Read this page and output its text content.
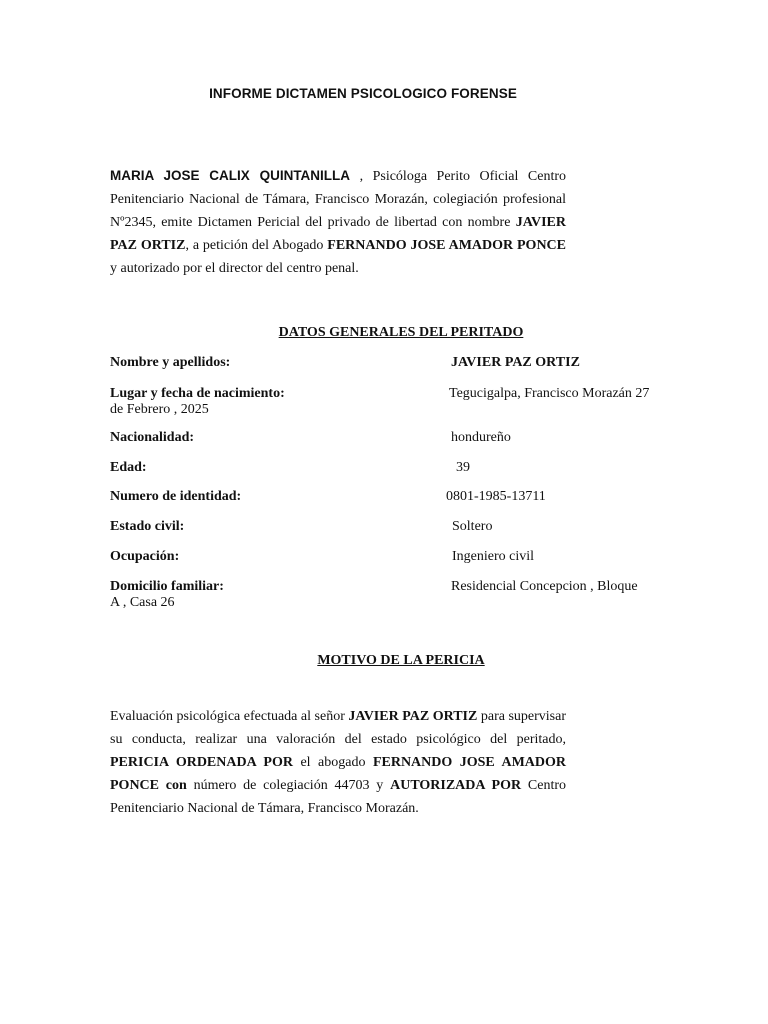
INFORME DICTAMEN PSICOLOGICO FORENSE

MARIA JOSE CALIX QUINTANILLA , Psicóloga Perito Oficial Centro Penitenciario Nacional de Támara, Francisco Morazán, colegiación profesional Nº2345, emite Dictamen Pericial del privado de libertad con nombre JAVIER PAZ ORTIZ, a petición del Abogado FERNANDO JOSE AMADOR PONCE y autorizado por el director del centro penal.

DATOS GENERALES DEL PERITADO
Nombre y apellidos:	JAVIER PAZ ORTIZ
Lugar y fecha de nacimiento:	Tegucigalpa, Francisco Morazán 27
de Febrero , 2025
Nacionalidad:	hondureño
Edad:	39
Numero de identidad:	0801-1985-13711
Estado civil:	Soltero
Ocupación:	Ingeniero civil
Domicilio familiar:	Residencial Concepcion , Bloque
A , Casa 26
MOTIVO DE LA PERICIA

Evaluación psicológica efectuada al señor JAVIER PAZ ORTIZ para supervisar su conducta, realizar una valoración del estado psicológico del peritado, PERICIA ORDENADA POR el abogado FERNANDO JOSE AMADOR PONCE con número de colegiación 44703 y AUTORIZADA POR Centro Penitenciario Nacional de Támara, Francisco Morazán.
